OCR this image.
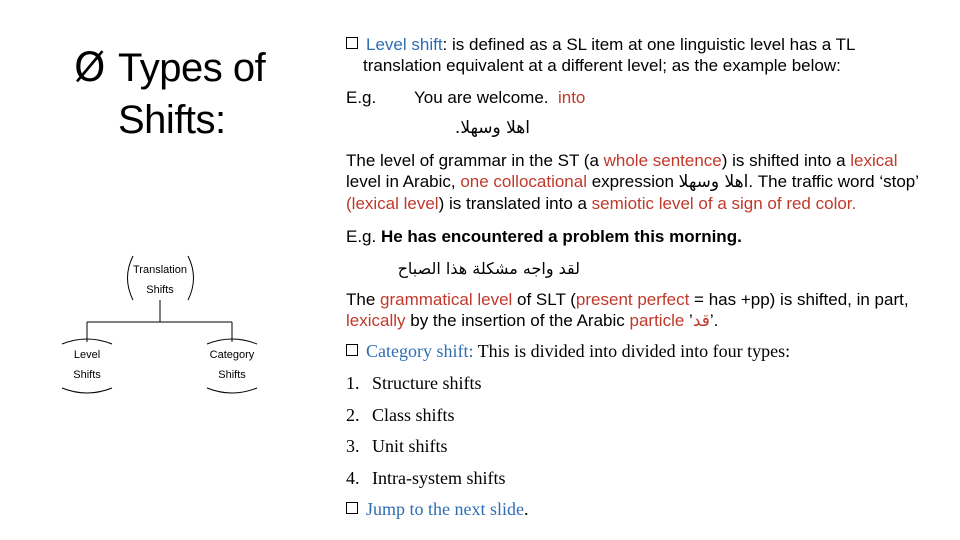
Ø Types of
Shifts:
Translation
Shifts
Level
Shifts
Category
Shifts
Level shift: is defined as a SL item at one linguistic level has a TL
translation equivalent at a different level; as the example below:
E.g. You are welcome. into
اهلا وسهلا.
The level of grammar in the ST (a whole sentence) is shifted into a lexical
level in Arabic, one collocational expression اهلا وسهلا. The traffic word ‘stop’
(lexical level) is translated into a semiotic level of a sign of red color.
E.g. He has encountered a problem this morning.
لقد واجه مشكلة هذا الصباح
The grammatical level of SLT (present perfect = has +pp) is shifted, in part,
lexically by the insertion of the Arabic particle ’قد’.
Category shift: This is divided into divided into four types:
1. Structure shifts
2. Class shifts
3. Unit shifts
4. Intra-system shifts
Jump to the next slide.
